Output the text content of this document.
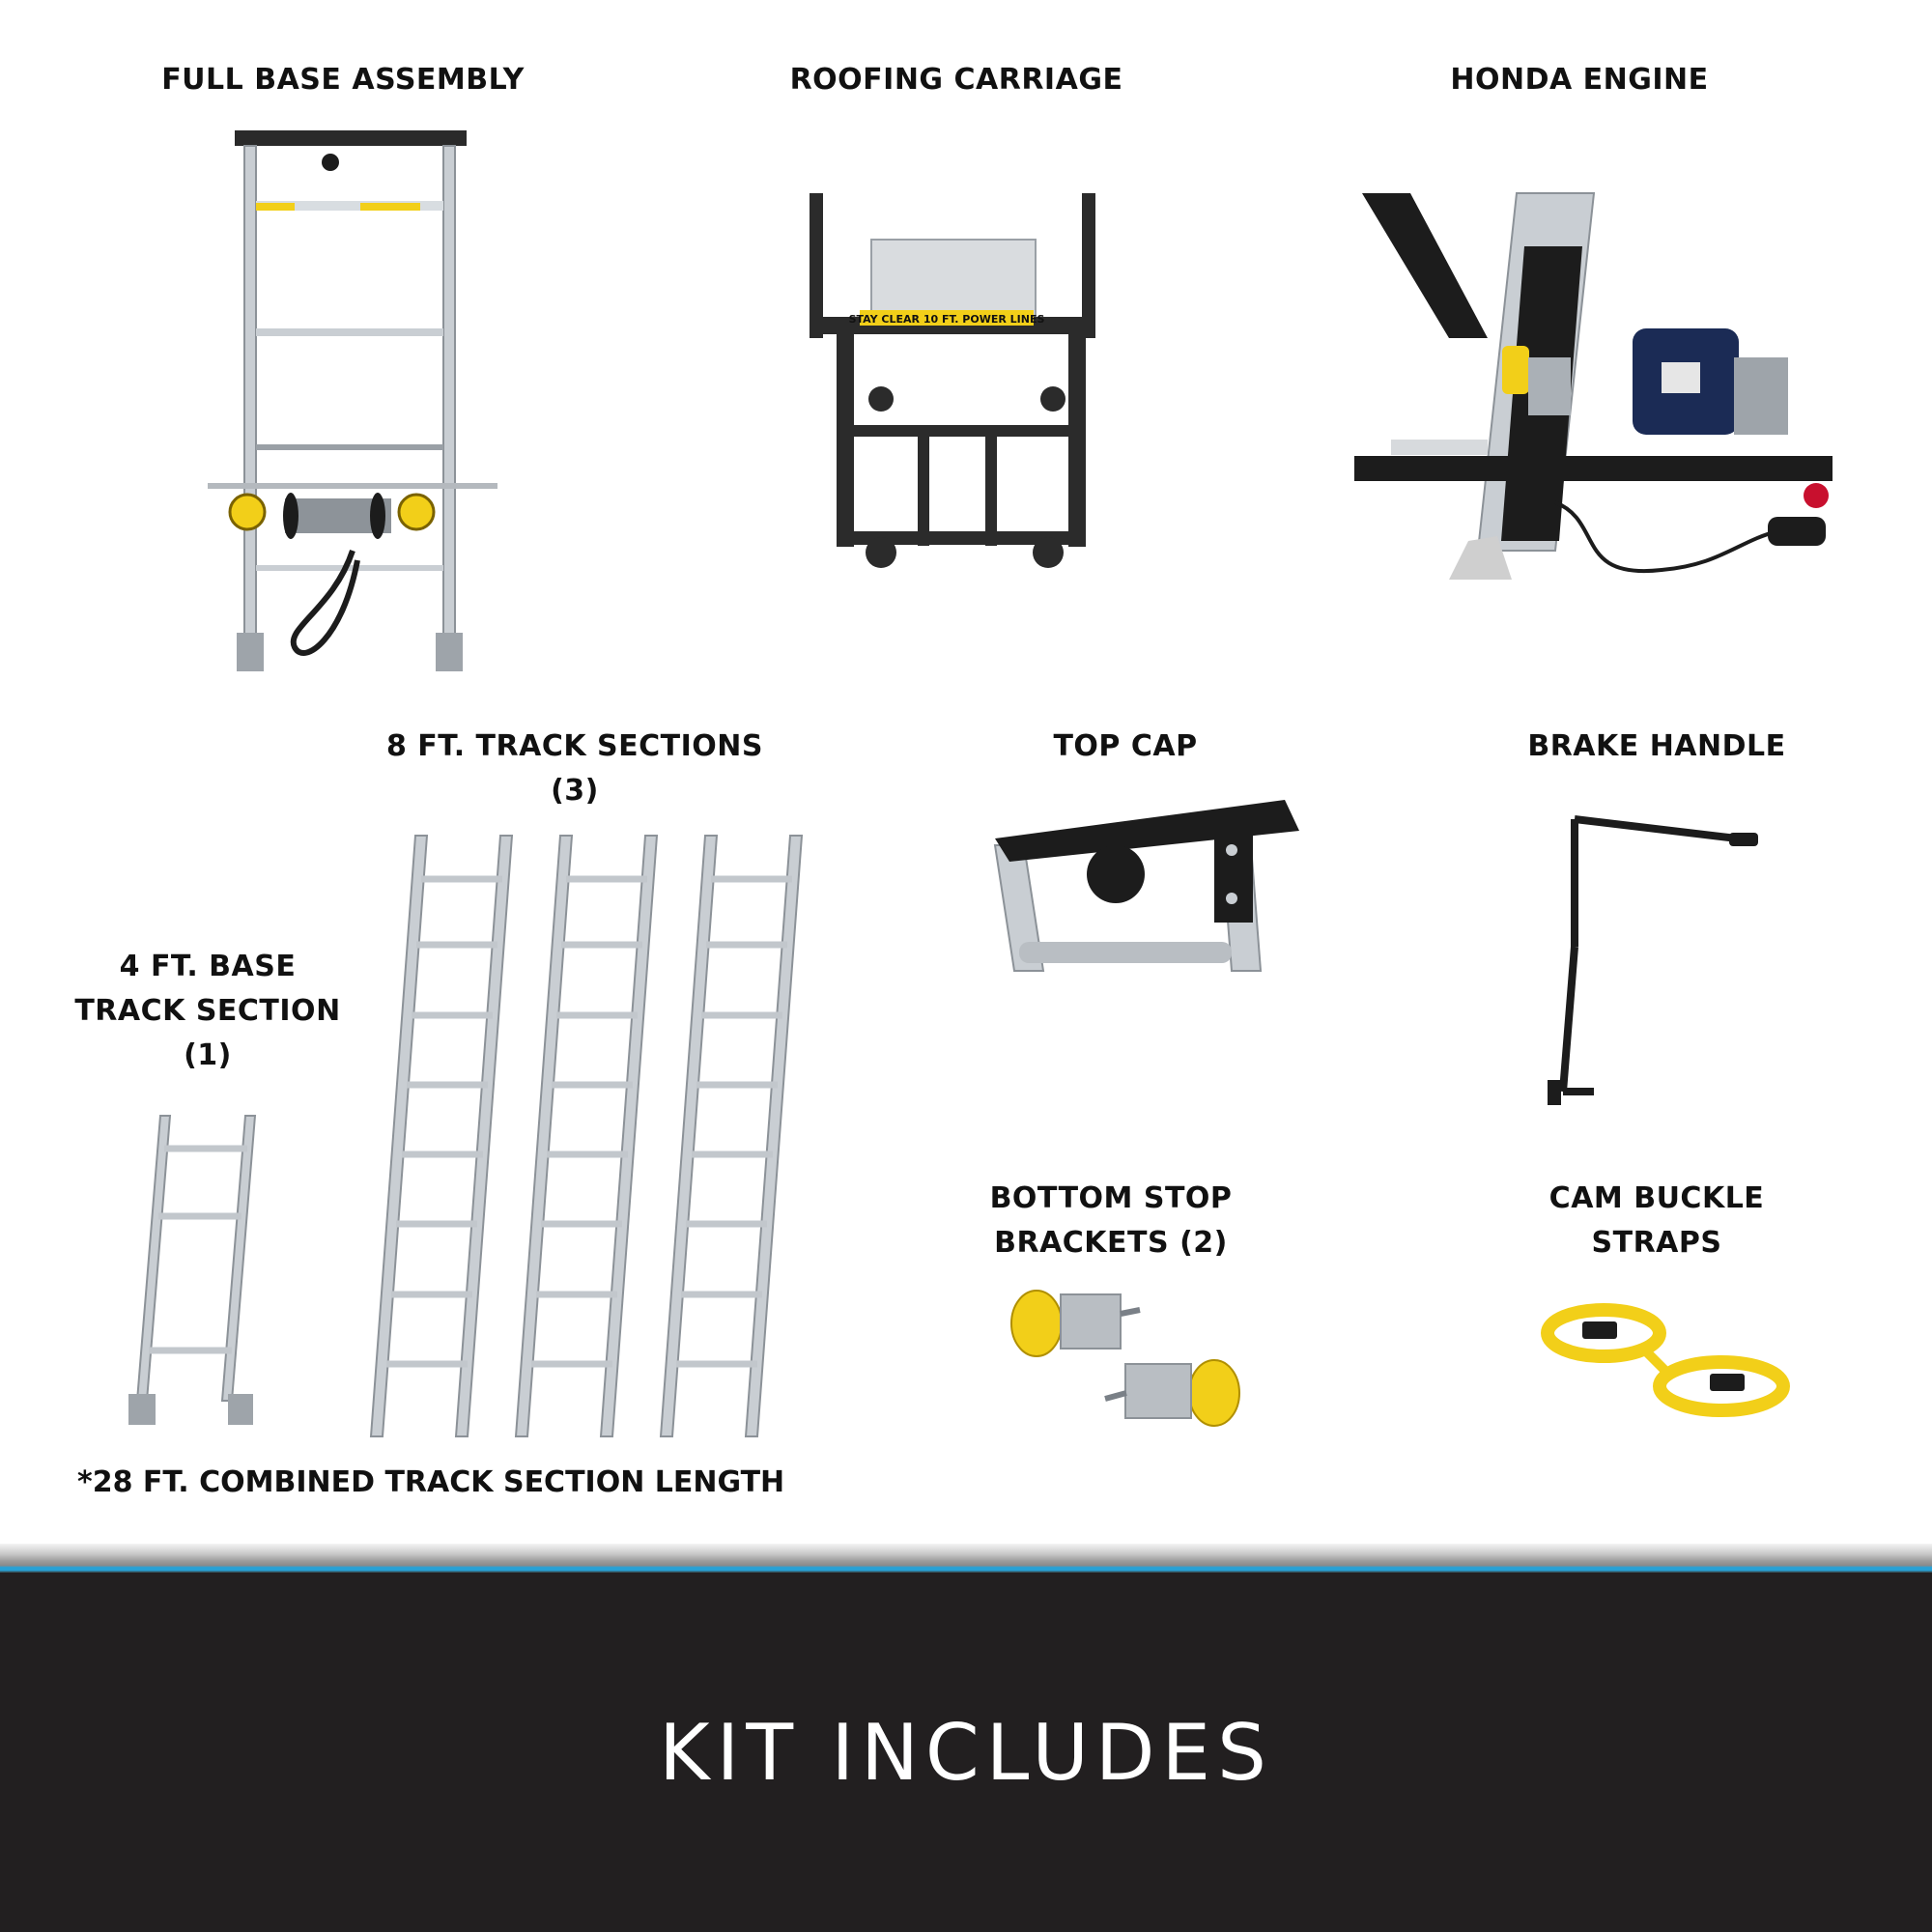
FULL BASE ASSEMBLY	ROOFING CARRIAGE	HONDA ENGINE

STAY CLEAR 10 FT. POWER LINES

8 FT. TRACK SECTIONS
(3)

TOP CAP	BRAKE HANDLE

4 FT. BASE
TRACK SECTION
(1)

BOTTOM STOP
BRACKETS (2)

CAM BUCKLE
STRAPS

*28 FT. COMBINED TRACK SECTION LENGTH

KIT INCLUDES
